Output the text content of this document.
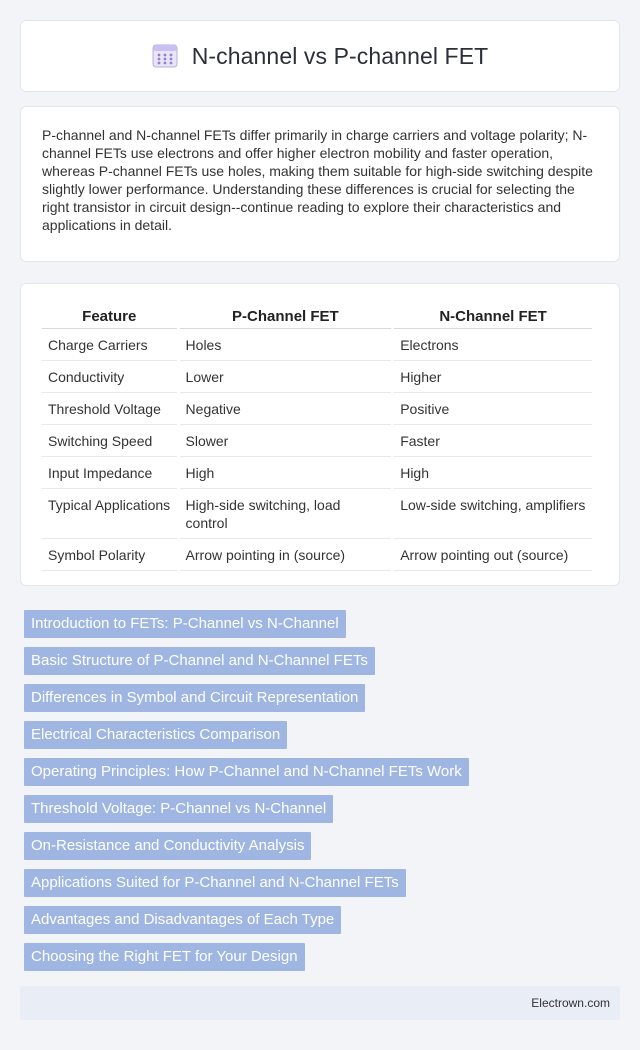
N-channel vs P-channel FET

P-channel and N-channel FETs differ primarily in charge carriers and voltage polarity; N-channel FETs use electrons and offer higher electron mobility and faster operation, whereas P-channel FETs use holes, making them suitable for high-side switching despite slightly lower performance. Understanding these differences is crucial for selecting the right transistor in circuit design--continue reading to explore their characteristics and applications in detail.

Feature	P-Channel FET	N-Channel FET
Charge Carriers	Holes	Electrons
Conductivity	Lower	Higher
Threshold Voltage	Negative	Positive
Switching Speed	Slower	Faster
Input Impedance	High	High
Typical Applications	High-side switching, load control	Low-side switching, amplifiers
Symbol Polarity	Arrow pointing in (source)	Arrow pointing out (source)
Introduction to FETs: P-Channel vs N-Channel
Basic Structure of P-Channel and N-Channel FETs
Differences in Symbol and Circuit Representation
Electrical Characteristics Comparison
Operating Principles: How P-Channel and N-Channel FETs Work
Threshold Voltage: P-Channel vs N-Channel
On-Resistance and Conductivity Analysis
Applications Suited for P-Channel and N-Channel FETs
Advantages and Disadvantages of Each Type
Choosing the Right FET for Your Design
Electrown.com
